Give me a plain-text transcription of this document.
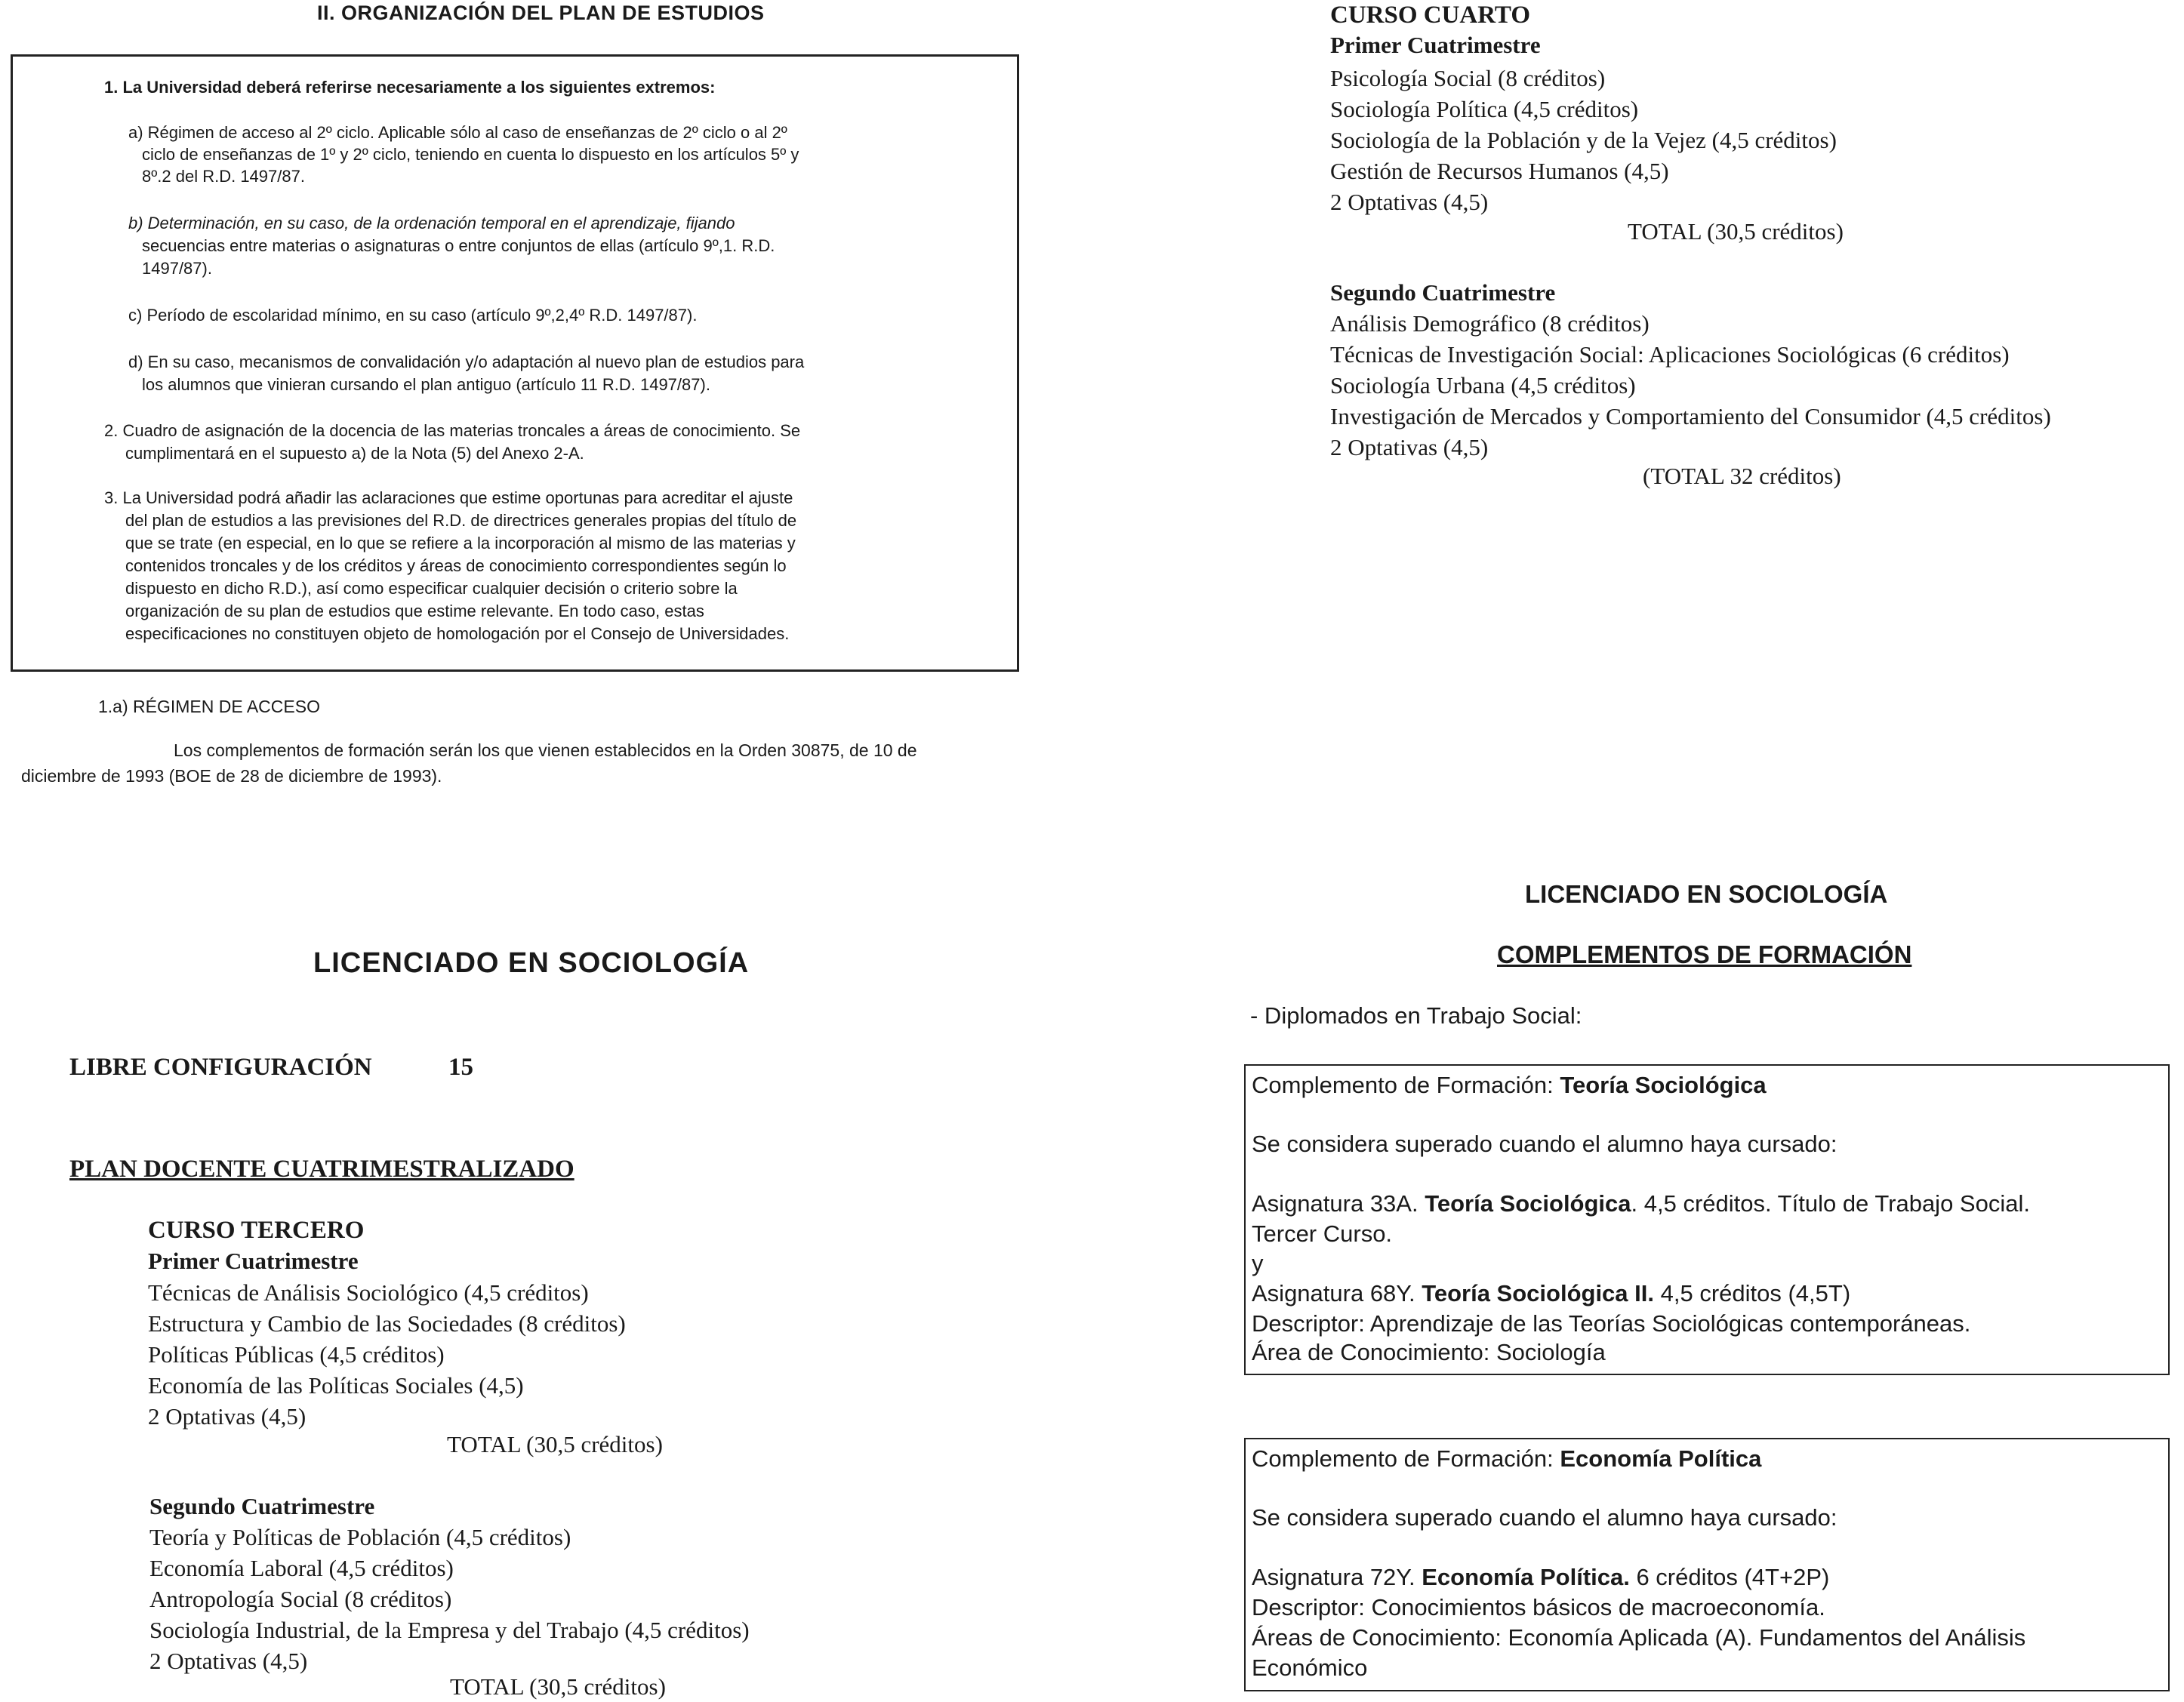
II. ORGANIZACIÓN DEL PLAN DE ESTUDIOS
1. La Universidad deberá referirse necesariamente a los siguientes extremos:
a) Régimen de acceso al 2º ciclo. Aplicable sólo al caso de enseñanzas de 2º ciclo o al 2º
ciclo de enseñanzas de 1º y 2º ciclo, teniendo en cuenta lo dispuesto en los artículos 5º y
8º.2 del R.D. 1497/87.
b) Determinación, en su caso, de la ordenación temporal en el aprendizaje, fijando
secuencias entre materias o asignaturas o entre conjuntos de ellas (artículo 9º,1. R.D.
1497/87).
c) Período de escolaridad mínimo, en su caso (artículo 9º,2,4º R.D. 1497/87).
d) En su caso, mecanismos de convalidación y/o adaptación al nuevo plan de estudios para
los alumnos que vinieran cursando el plan antiguo (artículo 11 R.D. 1497/87).
2. Cuadro de asignación de la docencia de las materias troncales a áreas de conocimiento. Se
cumplimentará en el supuesto a) de la Nota (5) del Anexo 2-A.
3. La Universidad podrá añadir las aclaraciones que estime oportunas para acreditar el ajuste
del plan de estudios a las previsiones del R.D. de directrices generales propias del título de
que se trate (en especial, en lo que se refiere a la incorporación al mismo de las materias y
contenidos troncales y de los créditos y áreas de conocimiento correspondientes según lo
dispuesto en dicho R.D.), así como especificar cualquier decisión o criterio sobre la
organización de su plan de estudios que estime relevante. En todo caso, estas
especificaciones no constituyen objeto de homologación por el Consejo de Universidades.
1.a) RÉGIMEN DE ACCESO
Los complementos de formación serán los que vienen establecidos en la Orden 30875, de 10 de
diciembre de 1993 (BOE de 28 de diciembre de 1993).
CURSO CUARTO
Primer Cuatrimestre
Psicología Social (8 créditos)
Sociología Política (4,5 créditos)
Sociología de la Población y de la Vejez (4,5 créditos)
Gestión de Recursos Humanos (4,5)
2 Optativas (4,5)
TOTAL (30,5 créditos)
Segundo Cuatrimestre
Análisis Demográfico (8 créditos)
Técnicas de Investigación Social: Aplicaciones Sociológicas (6 créditos)
Sociología Urbana (4,5 créditos)
Investigación de Mercados y Comportamiento del Consumidor (4,5 créditos)
2 Optativas (4,5)
(TOTAL 32 créditos)
LICENCIADO EN SOCIOLOGÍA
LIBRE CONFIGURACIÓN	15
PLAN DOCENTE CUATRIMESTRALIZADO
CURSO TERCERO
Primer Cuatrimestre
Técnicas de Análisis Sociológico (4,5 créditos)
Estructura y Cambio de las Sociedades (8 créditos)
Políticas Públicas (4,5 créditos)
Economía de las Políticas Sociales (4,5)
2 Optativas (4,5)
TOTAL (30,5 créditos)
Segundo Cuatrimestre
Teoría y Políticas de Población (4,5 créditos)
Economía Laboral (4,5 créditos)
Antropología Social (8 créditos)
Sociología Industrial, de la Empresa y del Trabajo (4,5 créditos)
2 Optativas (4,5)
TOTAL (30,5 créditos)
LICENCIADO EN SOCIOLOGÍA
COMPLEMENTOS DE FORMACIÓN
- Diplomados en Trabajo Social:
Complemento de Formación: Teoría Sociológica
Se considera superado cuando el alumno haya cursado:
Asignatura 33A. Teoría Sociológica. 4,5 créditos. Título de Trabajo Social.
Tercer Curso.
y
Asignatura 68Y. Teoría Sociológica II. 4,5 créditos (4,5T)
Descriptor: Aprendizaje de las Teorías Sociológicas contemporáneas.
Área de Conocimiento: Sociología
Complemento de Formación: Economía Política
Se considera superado cuando el alumno haya cursado:
Asignatura 72Y. Economía Política. 6 créditos (4T+2P)
Descriptor: Conocimientos básicos de macroeconomía.
Áreas de Conocimiento: Economía Aplicada (A). Fundamentos del Análisis
Económico
